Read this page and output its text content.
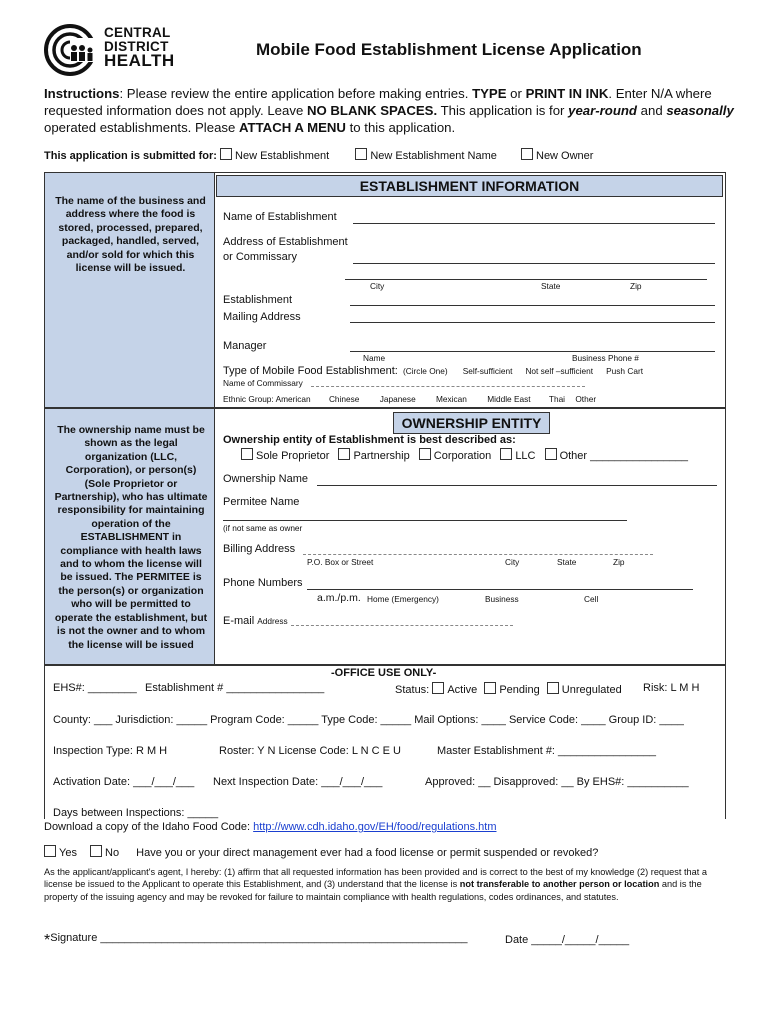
CENTRAL
DISTRICT
HEALTH
Mobile Food Establishment License Application
Instructions: Please review the entire application before making entries. TYPE or PRINT IN INK. Enter N/A where requested information does not apply. Leave NO BLANK SPACES. This application is for year-round and seasonally operated establishments. Please ATTACH A MENU to this application.
This application is submitted for: New Establishment	New Establishment Name	New Owner
The name of the business and address where the food is stored, processed, prepared, packaged, handled, served, and/or sold for which this license will be issued.
ESTABLISHMENT INFORMATION
Name of Establishment
Address of Establishment
or Commissary
City	State	Zip
Establishment
Mailing Address
Manager
Name	Business Phone #
Type of Mobile Food Establishment: (Circle One) Self-sufficient Not self –sufficient Push Cart
Name of Commissary
Ethnic Group: American Chinese Japanese Mexican Middle East Thai Other
The ownership name must be shown as the legal organization (LLC, Corporation), or person(s) (Sole Proprietor or Partnership), who has ultimate responsibility for maintaining operation of the ESTABLISHMENT in compliance with health laws and to whom the license will be issued. The PERMITEE is the person(s) or organization who will be permitted to operate the establishment, but is not the owner and to whom the license will be issued
OWNERSHIP ENTITY
Ownership entity of Establishment is best described as:
Sole Proprietor Partnership Corporation LLC Other ________________
Ownership Name
Permitee Name
(if not same as owner
Billing Address
P.O. Box or Street	City	State	Zip
Phone Numbers
a.m./p.m. Home (Emergency)	Business	Cell
E-mail Address
-OFFICE USE ONLY-
EHS#: ________ Establishment # ________________	Status: Active Pending Unregulated Risk: L M H
County: ___ Jurisdiction: _____ Program Code: _____ Type Code: _____ Mail Options: ____ Service Code: ____ Group ID: ____
Inspection Type: R M H	Roster: Y N License Code: L N C E U	Master Establishment #: ________________
Activation Date: ___/___/___ Next Inspection Date: ___/___/___	Approved: __ Disapproved: __ By EHS#: __________
Days between Inspections: _____
Download a copy of the Idaho Food Code: http://www.cdh.idaho.gov/EH/food/regulations.htm
Yes	No Have you or your direct management ever had a food license or permit suspended or revoked?
As the applicant/applicant's agent, I hereby: (1) affirm that all requested information has been provided and is correct to the best of my knowledge (2) request that a license be issued to the Applicant to operate this Establishment, and (3) understand that the license is not transferable to another person or location and is the property of the issuing agency and may be revoked for failure to maintain compliance with health regulations, codes ordinances, and statutes.
*Signature ____________________________________________________________	Date _____/_____/_____
